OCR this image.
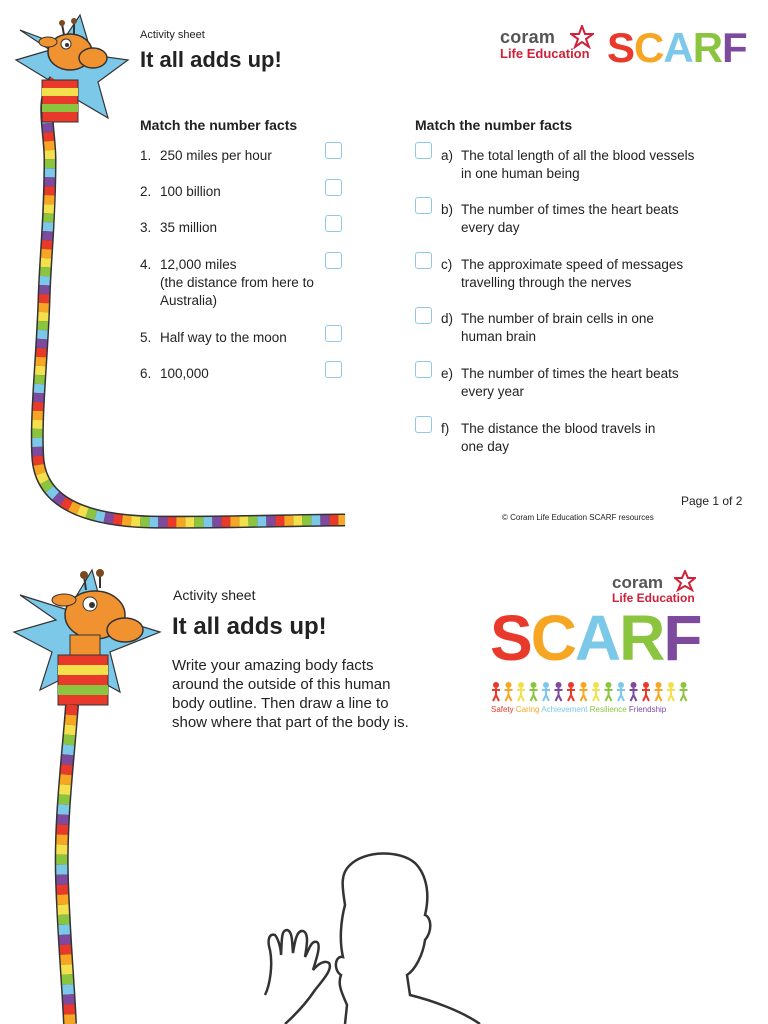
Activity sheet
It all adds up!
coram
Life Education SCARF
Match the number facts	Match the number facts
1. 250 miles per hour
2. 100 billion
3. 35 million
4. 12,000 miles
(the distance from here to
Australia)
5. Half way to the moon
6. 100,000
a) The total length of all the blood vessels
in one human being
b) The number of times the heart beats
every day
c) The approximate speed of messages
travelling through the nerves
d) The number of brain cells in one
human brain
e) The number of times the heart beats
every year
f) The distance the blood travels in
one day
Page 1 of 2
© Coram Life Education SCARF resources
Activity sheet
It all adds up!
Write your amazing body facts
around the outside of this human
body outline. Then draw a line to
show where that part of the body is.
coram
Life Education
SCARF
Safety Caring Achievement Resilience Friendship
